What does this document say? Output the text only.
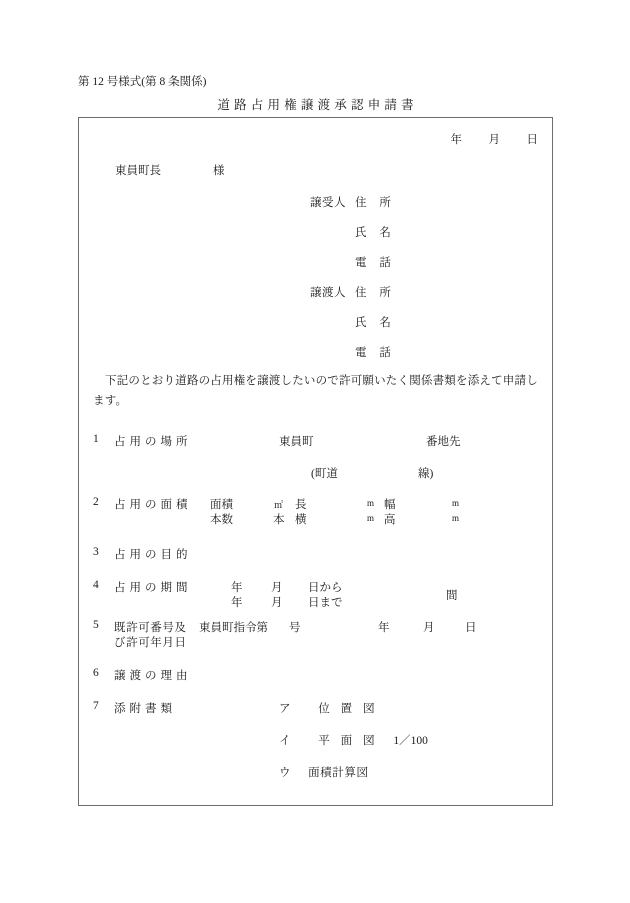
第 12 号様式(第 8 条関係)
道路占用権譲渡承認申請書
年 月 日
東員町長	様
譲受人 住 所
氏 名
電 話
譲渡人 住 所
氏 名
電 話
下記のとおり道路の占用権を譲渡したいので許可願いたく関係書類を添えて申請します。
1 占用の場所	東員町	番地先
(町道	線)
2 占用の面積 面積	㎡ 長	m 幅	m
本数	本 横	m 高	m
3 占用の目的
4 占用の期間	年 月 日から
年 月 日まで
間
5 既許可番号及
び許可年月日
東員町指令第 号	年	月	日
6 譲渡の理由
7 添附書類	ア 位 置 図
イ 平 面 図 1／100
ウ 面積計算図
